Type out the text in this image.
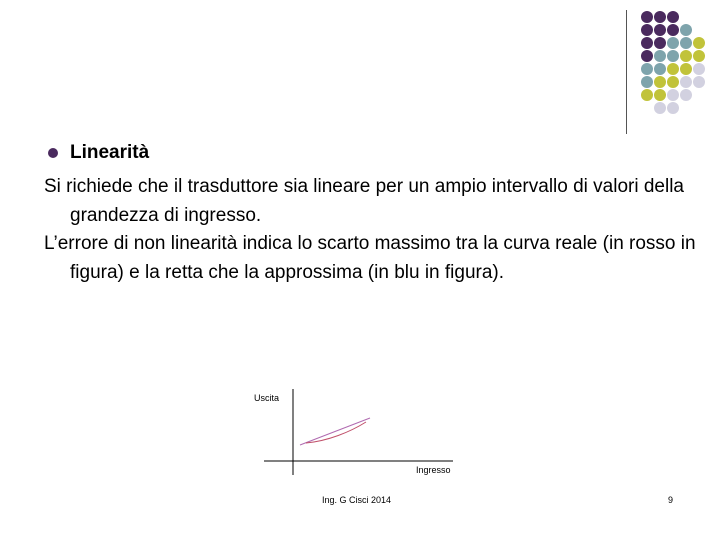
Linearità
Si richiede che il trasduttore sia lineare per un ampio intervallo di valori della grandezza di ingresso.
L’errore di non linearità indica lo scarto massimo tra la curva reale (in rosso in figura) e la retta che la approssima (in blu in figura).
Uscita
Ingresso
Ing. G Cisci 2014	9
